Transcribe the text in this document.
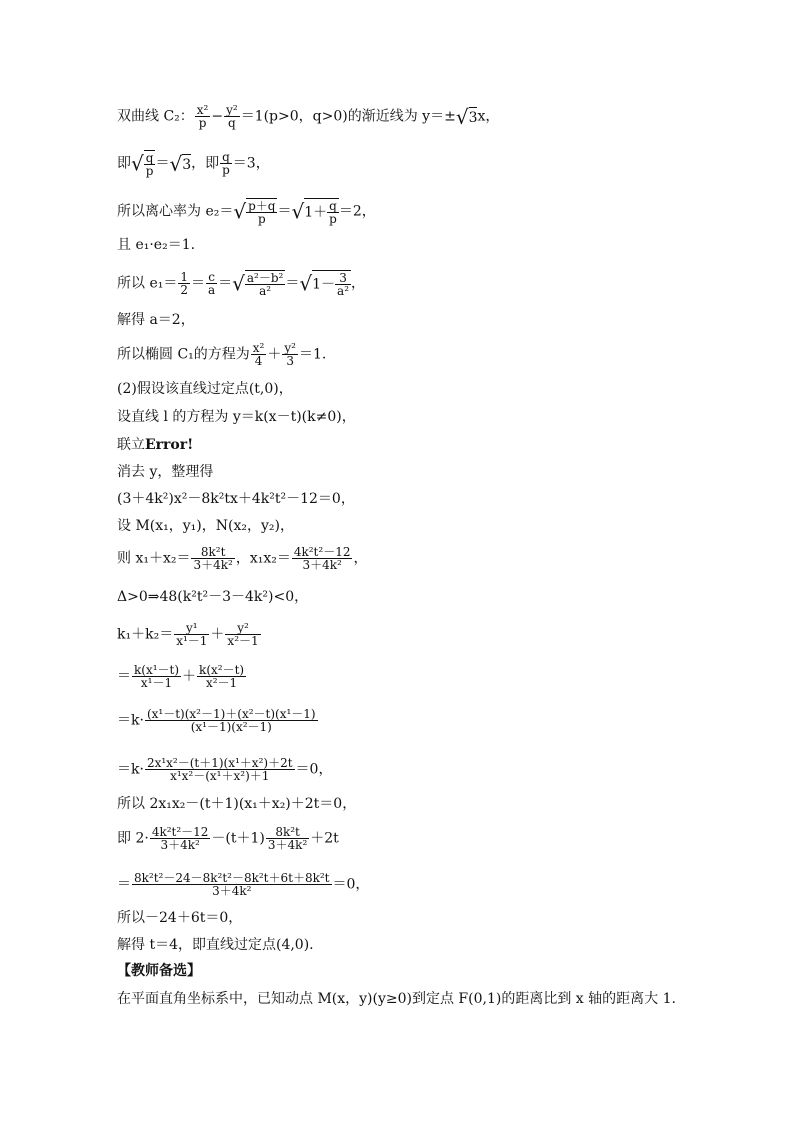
双曲线 C₂： $\frac{\text{x²}}{p} - \frac{\text{y²}}{q} =1(p>0$，q>0)的渐近线为 y＝±√3x，
即√ $\frac{q}{p} =√3$，即 $\frac{q}{p} =3$，
所以离心率为 $e_2=√ \frac{p+q}{p} =√1+ \frac{q}{p} =2$，
且 e₁·e₂＝1.
所以 $e_1= \frac{1}{2} = \frac{c}{a}$ ＝√ $\frac{\text{a²－b²}}{\text{a²}} =√1- \frac{3}{\text{a²}}$ ，
解得 a＝2，
所以椭圆 C₁的方程为 $\frac{\text{x²}}{4} + \frac{\text{y²}}{3} =1$.
(2)假设该直线过定点(t,0)，
设直线 l 的方程为 y＝k(x－t)(k≠0)，
联立Error!
消去 y，整理得
(3＋4k²)x²－8k²tx＋4k²t²－12＝0，
设 M(x₁，y₁)，N(x₂，y₂)，
则 $x_1+x_2= \frac{\text{8k²t}}{\text{3＋4k²}}$ ，$x_1x_2= \frac{\text{4k²t²－12}}{\text{3＋4k²}}$ ，
Δ>0⇒48(k²t²－3－4k²)<0，
$k_1+k_2= \frac{\text{y¹}}{\text{x¹－1}} + \frac{\text{y²}}{\text{x²－1}}$
＝ $\frac{\text{k(x¹－t)}}{\text{x¹－1}} + \frac{\text{k(x²－t)}}{\text{x²－1}}$
$=k\cdot \frac{\text{(x¹－t)(x²－1)＋(x²－t)(x¹－1)}}{\text{(x¹－1)(x²－1)}}$
$=k\cdot \frac{\text{2x¹x²－(t＋1)(x¹＋x²)＋2t}}{\text{x¹x²－(x¹＋x²)＋1}} =0$，
所以 2x₁x₂－(t＋1)(x₁＋x₂)＋2t＝0，
即 $2\cdot \frac{\text{4k²t²－12}}{\text{3＋4k²}} -(t+1) \frac{\text{8k²t}}{\text{3＋4k²}} +2t$
＝ $\frac{\text{8k²t²－24－8k²t²－8k²t＋6t＋8k²t}}{\text{3＋4k²}} =0$，
所以－24＋6t＝0，
解得 t＝4，即直线过定点(4,0).
【教师备选】
在平面直角坐标系中，已知动点 M(x，y)(y≥0)到定点 F(0,1)的距离比到 x 轴的距离大 1.
